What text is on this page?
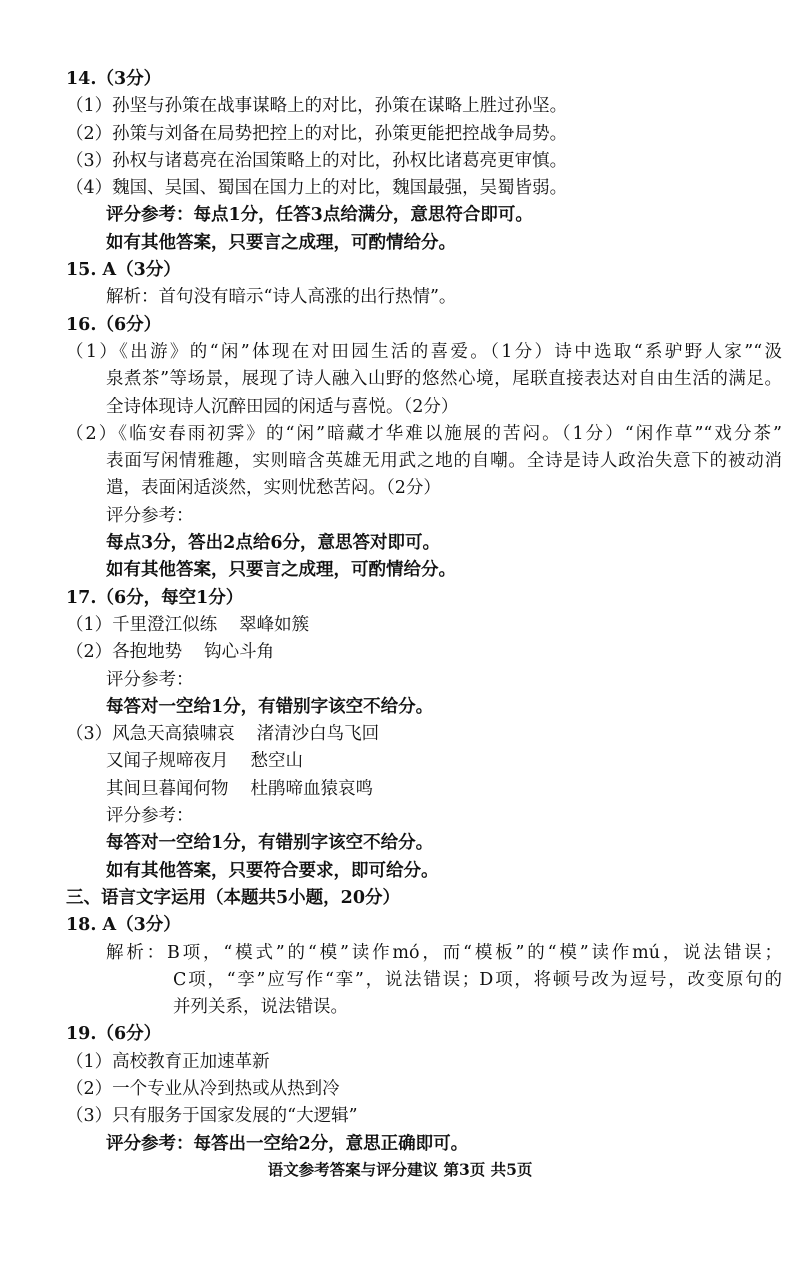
14.（3分）
（1）孙坚与孙策在战事谋略上的对比，孙策在谋略上胜过孙坚。
（2）孙策与刘备在局势把控上的对比，孙策更能把控战争局势。
（3）孙权与诸葛亮在治国策略上的对比，孙权比诸葛亮更审慎。
（4）魏国、吴国、蜀国在国力上的对比，魏国最强，吴蜀皆弱。
评分参考：每点1分，任答3点给满分，意思符合即可。
如有其他答案，只要言之成理，可酌情给分。
15. A（3分）
解析：首句没有暗示“诗人高涨的出行热情”。
16.（6分）
（1）《出游》的“闲”体现在对田园生活的喜爱。（1分）诗中选取“系驴野人家”“汲
泉煮茶”等场景，展现了诗人融入山野的悠然心境，尾联直接表达对自由生活的满足。
全诗体现诗人沉醉田园的闲适与喜悦。（2分）
（2）《临安春雨初霁》的“闲”暗藏才华难以施展的苦闷。（1分）“闲作草”“戏分茶”
表面写闲情雅趣，实则暗含英雄无用武之地的自嘲。全诗是诗人政治失意下的被动消
遣，表面闲适淡然，实则忧愁苦闷。（2分）
评分参考：
每点3分，答出2点给6分，意思答对即可。
如有其他答案，只要言之成理，可酌情给分。
17.（6分，每空1分）
（1）千里澄江似练 翠峰如簇
（2）各抱地势 钩心斗角
评分参考：
每答对一空给1分，有错别字该空不给分。
（3）风急天高猿啸哀 渚清沙白鸟飞回
又闻子规啼夜月 愁空山
其间旦暮闻何物 杜鹃啼血猿哀鸣
评分参考：
每答对一空给1分，有错别字该空不给分。
如有其他答案，只要符合要求，即可给分。
三、语言文字运用（本题共5小题，20分）
18. A（3分）
解析：B项，“模式”的“模”读作mó，而“模板”的“模”读作mú，说法错误；
C项，“孪”应写作“挛”，说法错误；D项，将顿号改为逗号，改变原句的
并列关系，说法错误。
19.（6分）
（1）高校教育正加速革新
（2）一个专业从冷到热或从热到冷
（3）只有服务于国家发展的“大逻辑”
评分参考：每答出一空给2分，意思正确即可。
语文参考答案与评分建议 第3页 共5页
